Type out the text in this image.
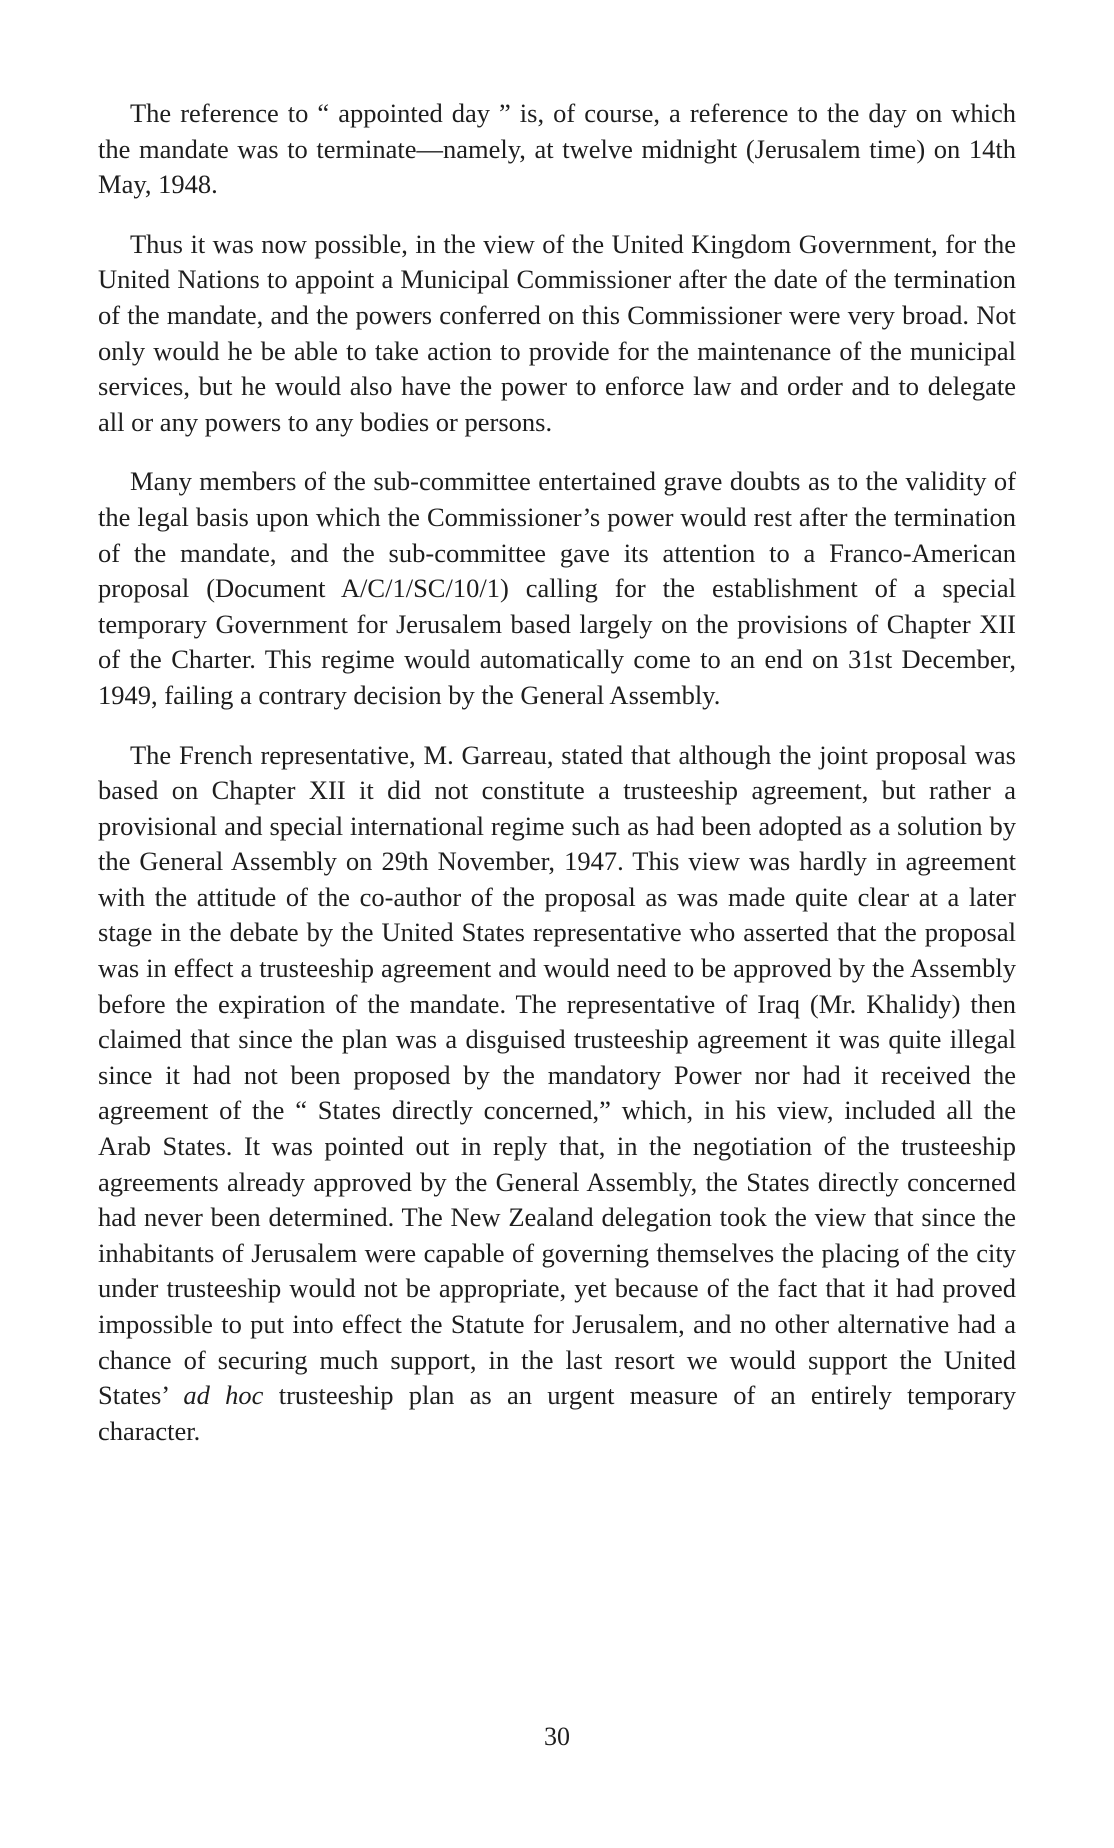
The reference to “ appointed day ” is, of course, a reference to the day on which the mandate was to terminate—namely, at twelve midnight (Jerusalem time) on 14th May, 1948.

Thus it was now possible, in the view of the United Kingdom Government, for the United Nations to appoint a Municipal Commissioner after the date of the termination of the mandate, and the powers conferred on this Commissioner were very broad. Not only would he be able to take action to provide for the maintenance of the municipal services, but he would also have the power to enforce law and order and to delegate all or any powers to any bodies or persons.

Many members of the sub-committee entertained grave doubts as to the validity of the legal basis upon which the Commissioner’s power would rest after the termination of the mandate, and the sub-committee gave its attention to a Franco-American proposal (Document A/C/1/SC/10/1) calling for the establishment of a special temporary Government for Jerusalem based largely on the provisions of Chapter XII of the Charter. This regime would automatically come to an end on 31st December, 1949, failing a contrary decision by the General Assembly.

The French representative, M. Garreau, stated that although the joint proposal was based on Chapter XII it did not constitute a trusteeship agreement, but rather a provisional and special international regime such as had been adopted as a solution by the General Assembly on 29th November, 1947. This view was hardly in agreement with the attitude of the co-author of the proposal as was made quite clear at a later stage in the debate by the United States representative who asserted that the proposal was in effect a trusteeship agreement and would need to be approved by the Assembly before the expiration of the mandate. The representative of Iraq (Mr. Khalidy) then claimed that since the plan was a disguised trusteeship agreement it was quite illegal since it had not been proposed by the mandatory Power nor had it received the agreement of the “ States directly concerned,” which, in his view, included all the Arab States. It was pointed out in reply that, in the negotiation of the trusteeship agreements already approved by the General Assembly, the States directly concerned had never been determined. The New Zealand delegation took the view that since the inhabitants of Jerusalem were capable of governing themselves the placing of the city under trusteeship would not be appropriate, yet because of the fact that it had proved impossible to put into effect the Statute for Jerusalem, and no other alternative had a chance of securing much support, in the last resort we would support the United States’ ad hoc trusteeship plan as an urgent measure of an entirely temporary character.

30
